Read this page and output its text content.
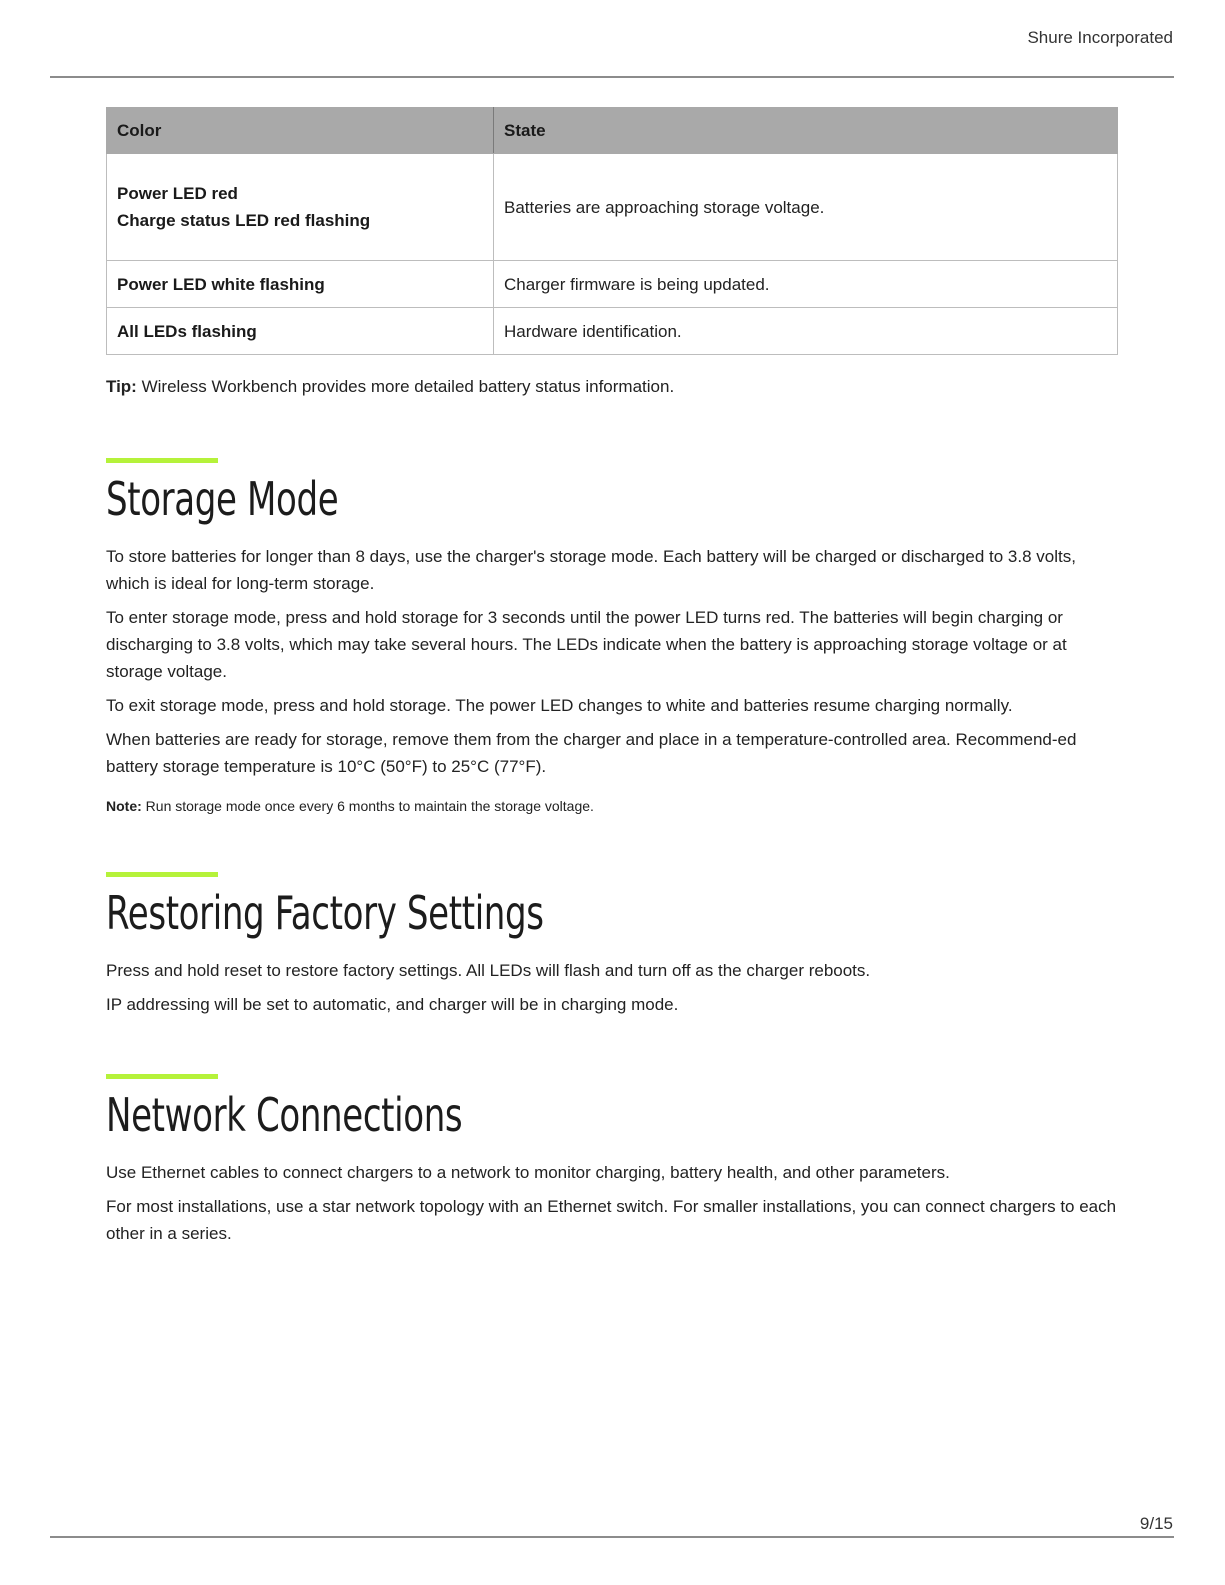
Shure Incorporated
Color	State

Power LED red
Charge status LED red flashing	Batteries are approaching storage voltage.

Power LED white flashing	Charger firmware is being updated.

All LEDs flashing	Hardware identification.

Tip: Wireless Workbench provides more detailed battery status information.

Storage Mode

To store batteries for longer than 8 days, use the charger's storage mode. Each battery will be charged or discharged to 3.8 volts, which is ideal for long-term storage.

To enter storage mode, press and hold storage for 3 seconds until the power LED turns red. The batteries will begin charging or discharging to 3.8 volts, which may take several hours. The LEDs indicate when the battery is approaching storage voltage or at storage voltage.

To exit storage mode, press and hold storage. The power LED changes to white and batteries resume charging normally.

When batteries are ready for storage, remove them from the charger and place in a temperature-controlled area. Recommend-ed battery storage temperature is 10°C (50°F) to 25°C (77°F).

Note: Run storage mode once every 6 months to maintain the storage voltage.

Restoring Factory Settings

Press and hold reset to restore factory settings. All LEDs will flash and turn off as the charger reboots.

IP addressing will be set to automatic, and charger will be in charging mode.

Network Connections

Use Ethernet cables to connect chargers to a network to monitor charging, battery health, and other parameters.

For most installations, use a star network topology with an Ethernet switch. For smaller installations, you can connect chargers to each other in a series.

9/15
